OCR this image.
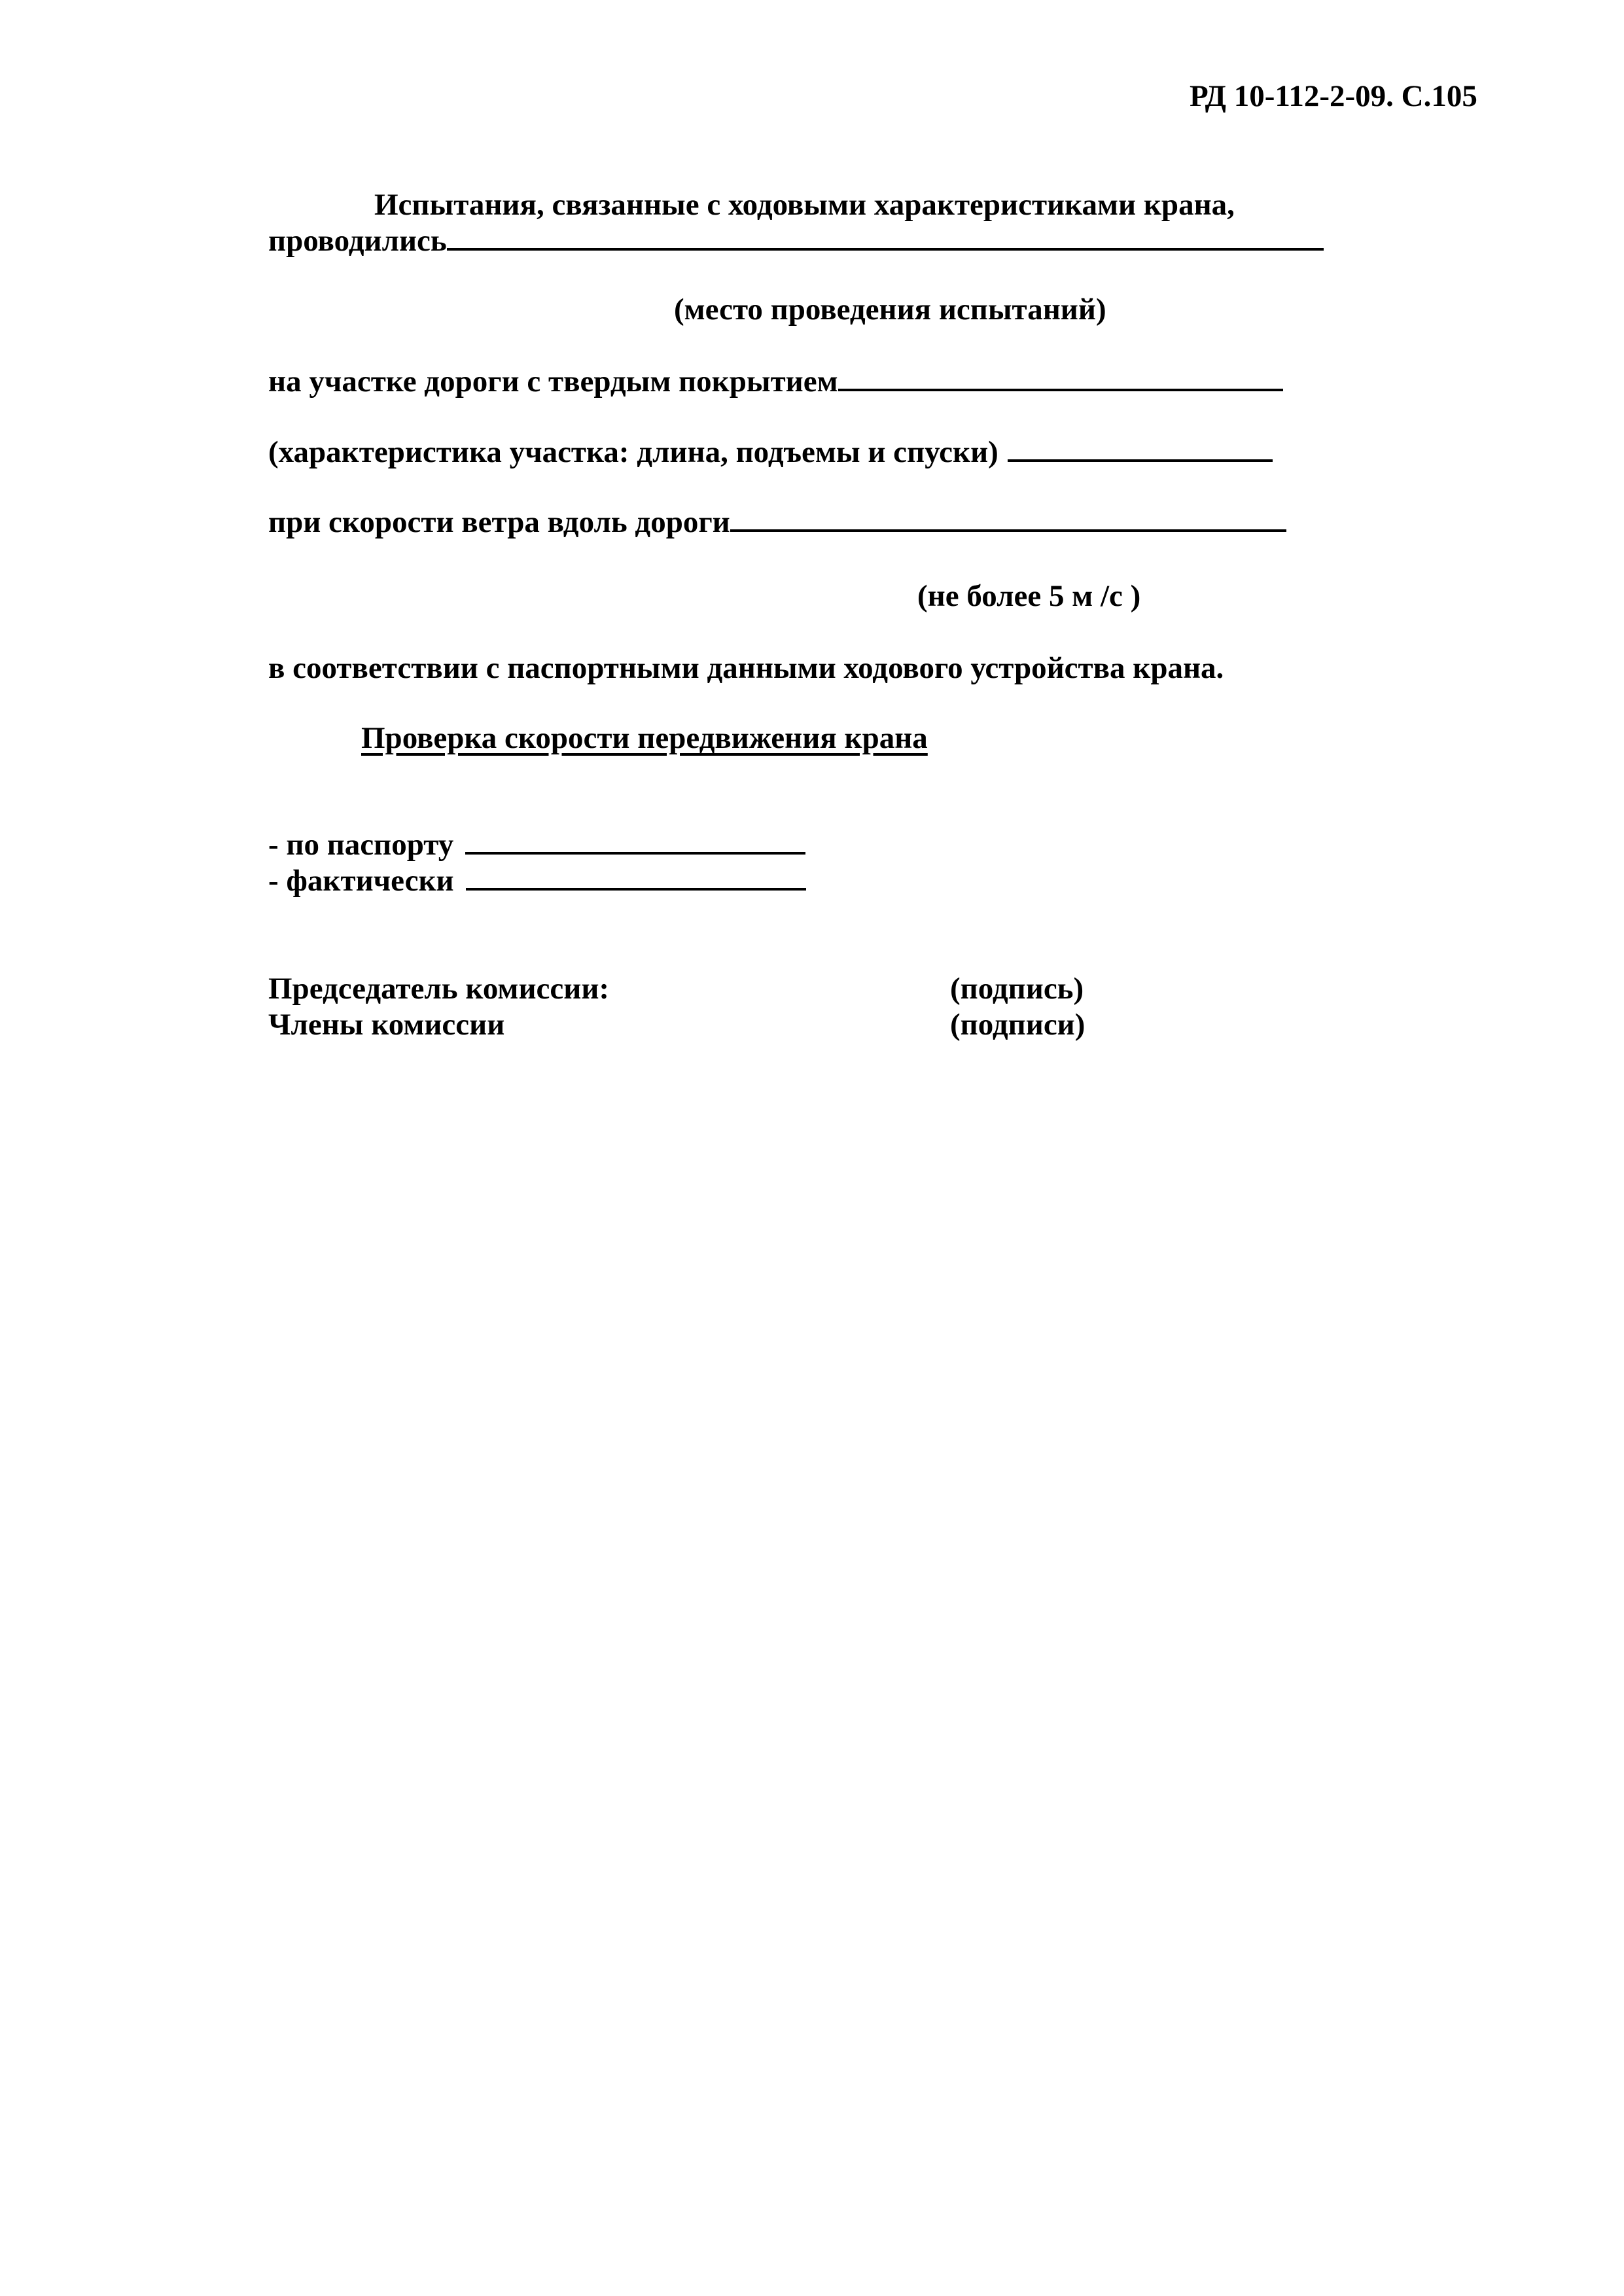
РД 10-112-2-09. С.105
Испытания, связанные с ходовыми характеристиками крана,
проводились
(место проведения испытаний)
на участке дороги с твердым покрытием
(характеристика участка: длина, подъемы и спуски)
при скорости ветра вдоль дороги
(не более 5 м /с )
в соответствии с паспортными данными ходового устройства крана.
Проверка скорости передвижения крана
- по паспорту
- фактически
Председатель комиссии:	(подпись)
Члены комиссии	(подписи)
